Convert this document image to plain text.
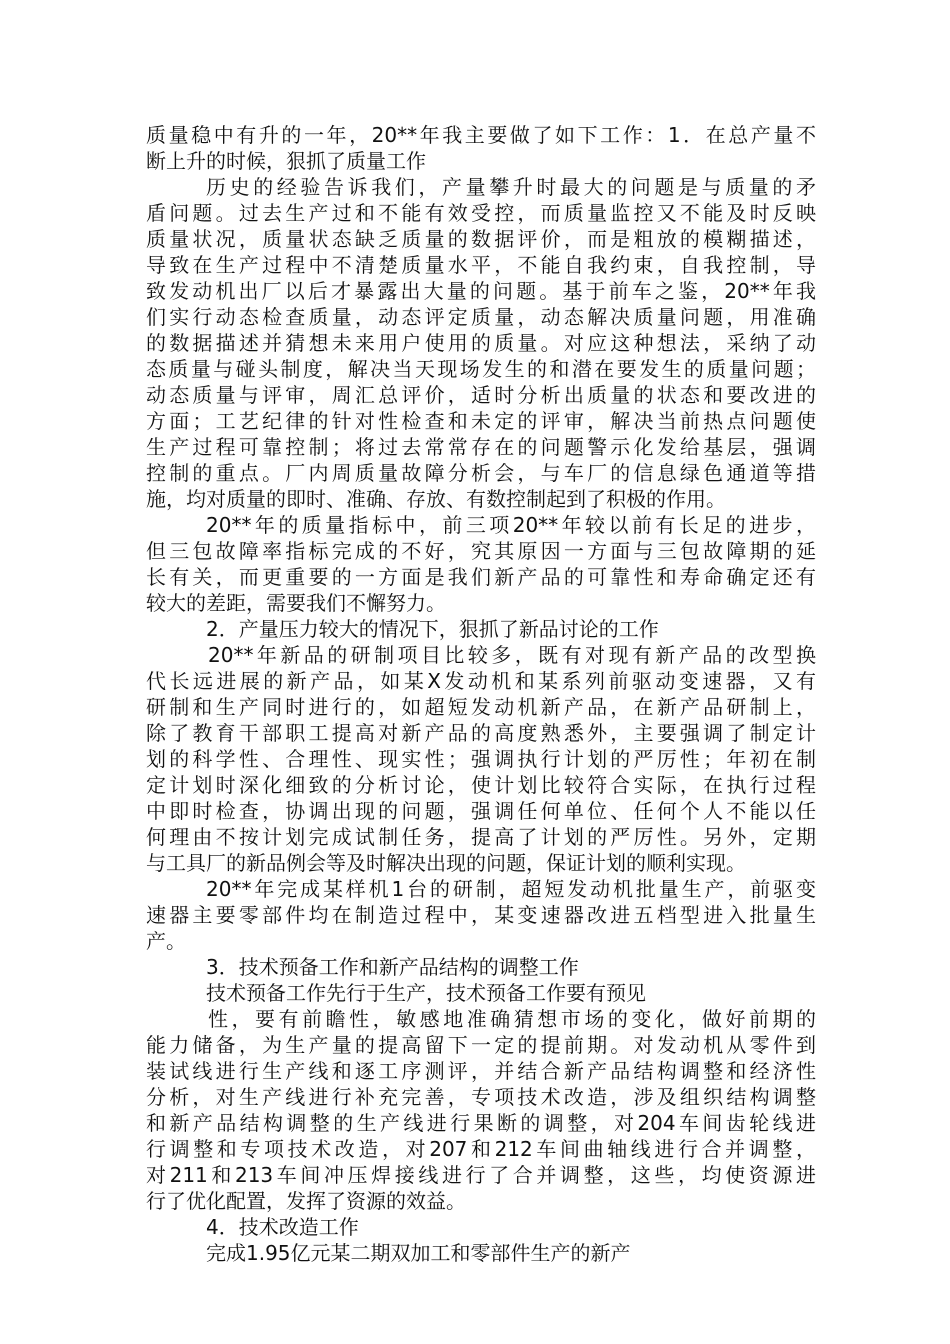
质量稳中有升的一年，20**年我主要做了如下工作：1．在总产量不
断上升的时候，狠抓了质量工作
历史的经验告诉我们，产量攀升时最大的问题是与质量的矛
盾问题。过去生产过和不能有效受控，而质量监控又不能及时反映
质量状况，质量状态缺乏质量的数据评价，而是粗放的模糊描述，
导致在生产过程中不清楚质量水平，不能自我约束，自我控制，导
致发动机出厂以后才暴露出大量的问题。基于前车之鉴，20**年我
们实行动态检查质量，动态评定质量，动态解决质量问题，用准确
的数据描述并猜想未来用户使用的质量。对应这种想法，采纳了动
态质量与碰头制度，解决当天现场发生的和潜在要发生的质量问题；
动态质量与评审，周汇总评价，适时分析出质量的状态和要改进的
方面；工艺纪律的针对性检查和未定的评审，解决当前热点问题使
生产过程可靠控制；将过去常常存在的问题警示化发给基层，强调
控制的重点。厂内周质量故障分析会，与车厂的信息绿色通道等措
施，均对质量的即时、准确、存放、有数控制起到了积极的作用。
20**年的质量指标中，前三项20**年较以前有长足的进步，
但三包故障率指标完成的不好，究其原因一方面与三包故障期的延
长有关，而更重要的一方面是我们新产品的可靠性和寿命确定还有
较大的差距，需要我们不懈努力。
2．产量压力较大的情况下，狠抓了新品讨论的工作
20**年新品的研制项目比较多，既有对现有新产品的改型换
代长远进展的新产品，如某X发动机和某系列前驱动变速器，又有
研制和生产同时进行的，如超短发动机新产品，在新产品研制上，
除了教育干部职工提高对新产品的高度熟悉外，主要强调了制定计
划的科学性、合理性、现实性；强调执行计划的严厉性；年初在制
定计划时深化细致的分析讨论，使计划比较符合实际，在执行过程
中即时检查，协调出现的问题，强调任何单位、任何个人不能以任
何理由不按计划完成试制任务，提高了计划的严厉性。另外，定期
与工具厂的新品例会等及时解决出现的问题，保证计划的顺利实现。
20**年完成某样机1台的研制，超短发动机批量生产，前驱变
速器主要零部件均在制造过程中，某变速器改进五档型进入批量生
产。
3．技术预备工作和新产品结构的调整工作
技术预备工作先行于生产，技术预备工作要有预见
性，要有前瞻性，敏感地准确猜想市场的变化，做好前期的
能力储备，为生产量的提高留下一定的提前期。对发动机从零件到
装试线进行生产线和逐工序测评，并结合新产品结构调整和经济性
分析，对生产线进行补充完善，专项技术改造，涉及组织结构调整
和新产品结构调整的生产线进行果断的调整，对204车间齿轮线进
行调整和专项技术改造，对207和212车间曲轴线进行合并调整，
对211和213车间冲压焊接线进行了合并调整，这些，均使资源进
行了优化配置，发挥了资源的效益。
4．技术改造工作
完成1.95亿元某二期双加工和零部件生产的新产
